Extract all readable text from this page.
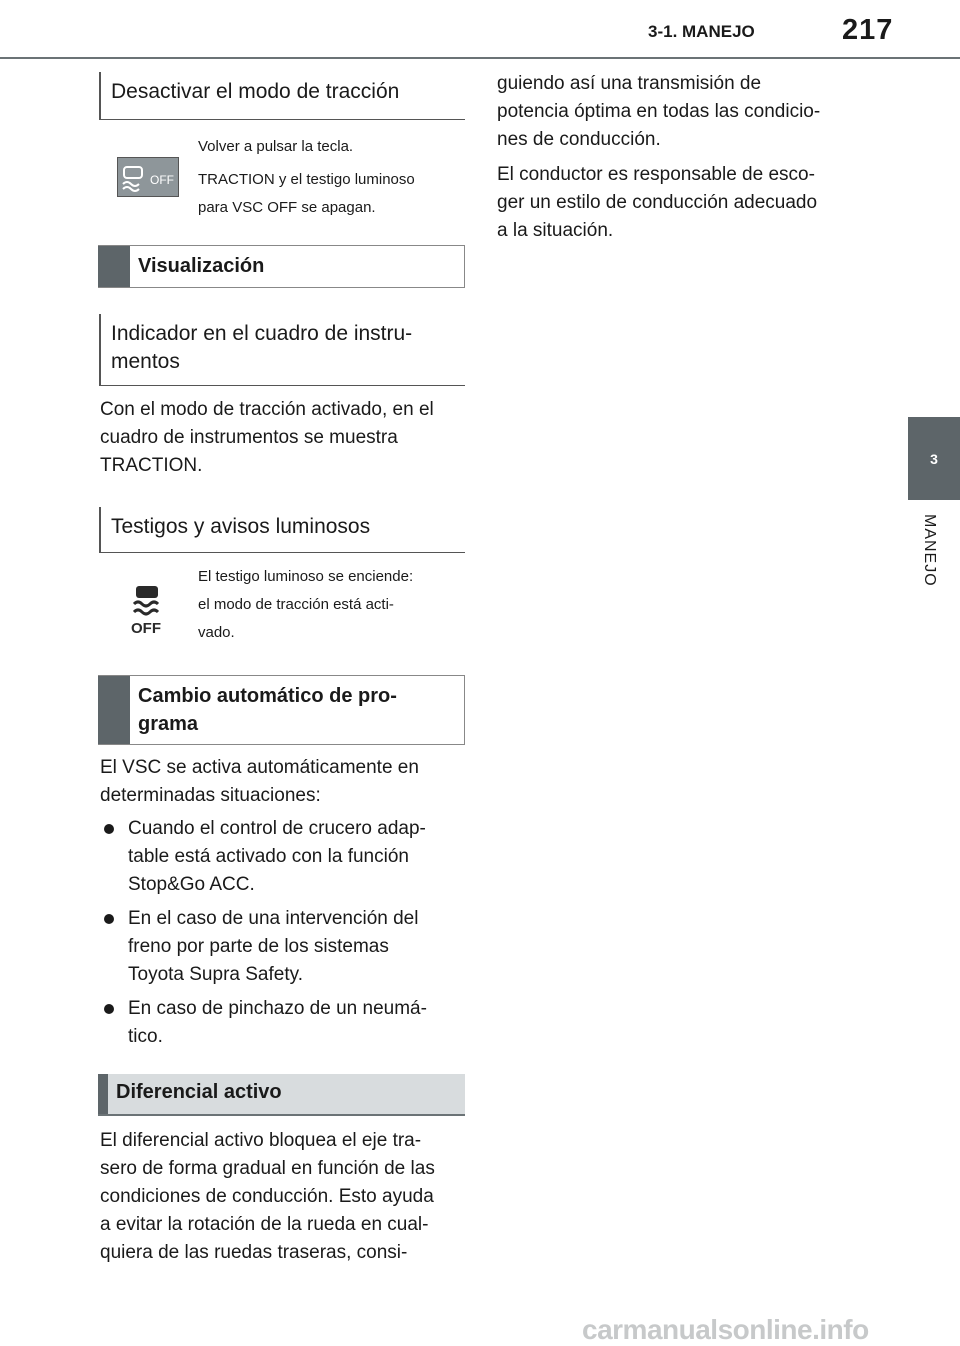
3-1. MANEJO	217
3
MANEJO
Desactivar el modo de tracción
OFF
Volver a pulsar la tecla.
TRACTION y el testigo luminoso
para VSC OFF se apagan.
Visualización
Indicador en el cuadro de instru-
mentos
Con el modo de tracción activado, en el
cuadro de instrumentos se muestra
TRACTION.
Testigos y avisos luminosos
OFF
El testigo luminoso se enciende:
el modo de tracción está acti-
vado.
Cambio automático de pro-
grama
El VSC se activa automáticamente en
determinadas situaciones:
Cuando el control de crucero adap-
table está activado con la función
Stop&Go ACC.
En el caso de una intervención del
freno por parte de los sistemas
Toyota Supra Safety.
En caso de pinchazo de un neumá-
tico.
Diferencial activo
El diferencial activo bloquea el eje tra-
sero de forma gradual en función de las
condiciones de conducción. Esto ayuda
a evitar la rotación de la rueda en cual-
quiera de las ruedas traseras, consi-
guiendo así una transmisión de
potencia óptima en todas las condicio-
nes de conducción.
El conductor es responsable de esco-
ger un estilo de conducción adecuado
a la situación.
carmanualsonline.info
